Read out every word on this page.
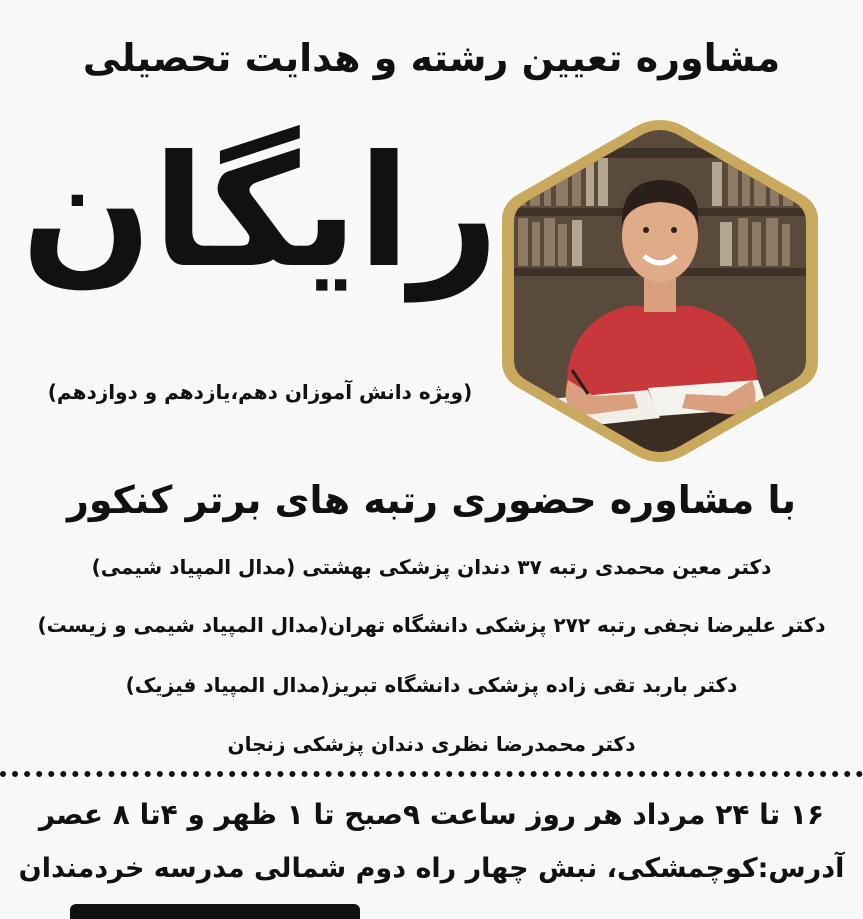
مشاوره تعیین رشته و هدایت تحصیلی
رایگان
(ویژه دانش آموزان دهم،یازدهم و دوازدهم)
با مشاوره حضوری رتبه های برتر کنکور
دکتر معین محمدی رتبه ۳۷ دندان پزشکی بهشتی (مدال المپیاد شیمی)
دکتر علیرضا نجفی رتبه ۲۷۲ پزشکی دانشگاه تهران(مدال المپیاد شیمی و زیست)
دکتر باربد تقی زاده پزشکی دانشگاه تبریز(مدال المپیاد فیزیک)
دکتر محمدرضا نظری دندان پزشکی زنجان
۱۶ تا ۲۴ مرداد هر روز ساعت ۹صبح تا ۱ ظهر و ۴تا ۸ عصر
آدرس:کوچمشکی، نبش چهار راه دوم شمالی مدرسه خردمندان
